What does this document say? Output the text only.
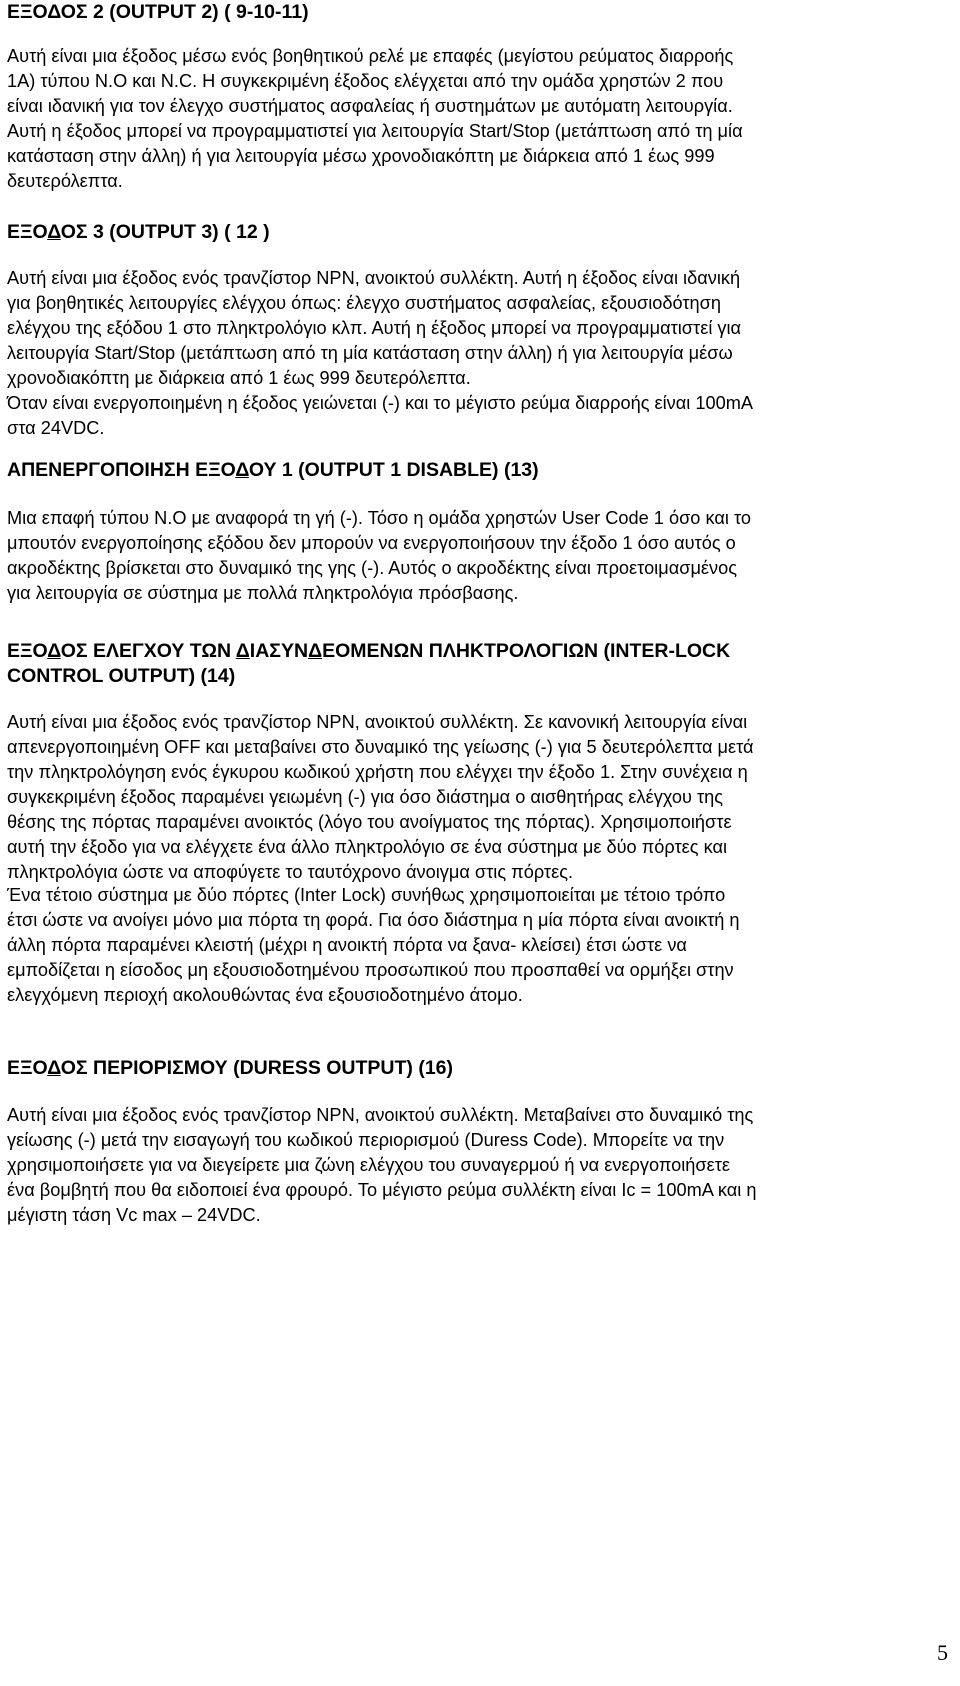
ΕΞΟΔΟΣ 2 (OUTPUT 2) ( 9-10-11)
Αυτή είναι μια έξοδος μέσω ενός βοηθητικού ρελέ με επαφές (μεγίστου ρεύματος διαρροής
1Α) τύπου Ν.Ο και Ν.C. Η συγκεκριμένη έξοδος ελέγχεται από την ομάδα χρηστών 2 που
είναι ιδανική για τον έλεγχο συστήματος ασφαλείας ή συστημάτων με αυτόματη λειτουργία.
Αυτή η έξοδος μπορεί να προγραμματιστεί για λειτουργία Start/Stop (μετάπτωση από τη μία
κατάσταση στην άλλη) ή για λειτουργία μέσω χρονοδιακόπτη με διάρκεια από 1 έως 999
δευτερόλεπτα.
ΕΞΟΔΟΣ 3 (OUTPUT 3) ( 12 )
Αυτή είναι μια έξοδος ενός τρανζίστορ NPN, ανοικτού συλλέκτη. Αυτή η έξοδος είναι ιδανική
για βοηθητικές λειτουργίες ελέγχου όπως: έλεγχο συστήματος ασφαλείας, εξουσιοδότηση
ελέγχου της εξόδου 1 στο πληκτρολόγιο κλπ. Αυτή η έξοδος μπορεί να προγραμματιστεί για
λειτουργία Start/Stop (μετάπτωση από τη μία κατάσταση στην άλλη) ή για λειτουργία μέσω
χρονοδιακόπτη με διάρκεια από 1 έως 999 δευτερόλεπτα.
Όταν είναι ενεργοποιημένη η έξοδος γειώνεται (-) και το μέγιστο ρεύμα διαρροής είναι 100mA
στα 24VDC.
ΑΠΕΝΕΡΓΟΠΟΙΗΣΗ ΕΞΟΔΟΥ 1 (OUTPUT 1 DISABLE) (13)
Μια επαφή τύπου Ν.Ο με αναφορά τη γή (-). Τόσο η ομάδα χρηστών User Code 1 όσο και το
μπουτόν ενεργοποίησης εξόδου δεν μπορούν να ενεργοποιήσουν την έξοδο 1 όσο αυτός ο
ακροδέκτης βρίσκεται στο δυναμικό της γης (-). Αυτός ο ακροδέκτης είναι προετοιμασμένος
για λειτουργία σε σύστημα με πολλά πληκτρολόγια πρόσβασης.
ΕΞΟΔΟΣ ΕΛΕΓΧΟΥ ΤΩΝ ΔΙΑΣΥΝΔΕΟΜΕΝΩΝ ΠΛΗΚΤΡΟΛΟΓΙΩΝ (INTER-LOCK
CONTROL OUTPUT) (14)
Αυτή είναι μια έξοδος ενός τρανζίστορ NPN, ανοικτού συλλέκτη. Σε κανονική λειτουργία είναι
απενεργοποιημένη OFF και μεταβαίνει στο δυναμικό της γείωσης (-) για 5 δευτερόλεπτα μετά
την πληκτρολόγηση ενός έγκυρου κωδικού χρήστη που ελέγχει την έξοδο 1. Στην συνέχεια η
συγκεκριμένη έξοδος παραμένει γειωμένη (-) για όσο διάστημα ο αισθητήρας ελέγχου της
θέσης της πόρτας παραμένει ανοικτός (λόγο του ανοίγματος της πόρτας). Χρησιμοποιήστε
αυτή την έξοδο για να ελέγχετε ένα άλλο πληκτρολόγιο σε ένα σύστημα με δύο πόρτες και
πληκτρολόγια ώστε να αποφύγετε το ταυτόχρονο άνοιγμα στις πόρτες.
Ένα τέτοιο σύστημα με δύο πόρτες (Inter Lock) συνήθως χρησιμοποιείται με τέτοιο τρόπο
έτσι ώστε να ανοίγει μόνο μια πόρτα τη φορά. Για όσο διάστημα η μία πόρτα είναι ανοικτή η
άλλη πόρτα παραμένει κλειστή (μέχρι η ανοικτή πόρτα να ξανα- κλείσει) έτσι ώστε να
εμποδίζεται η είσοδος μη εξουσιοδοτημένου προσωπικού που προσπαθεί να ορμήξει στην
ελεγχόμενη περιοχή ακολουθώντας ένα εξουσιοδοτημένο άτομο.
ΕΞΟΔΟΣ ΠΕΡΙΟΡΙΣΜΟΥ (DURESS OUTPUT) (16)
Αυτή είναι μια έξοδος ενός τρανζίστορ NPN, ανοικτού συλλέκτη. Μεταβαίνει στο δυναμικό της
γείωσης (-) μετά την εισαγωγή του κωδικού περιορισμού (Duress Code). Μπορείτε να την
χρησιμοποιήσετε για να διεγείρετε μια ζώνη ελέγχου του συναγερμού ή να ενεργοποιήσετε
ένα βομβητή που θα ειδοποιεί ένα φρουρό. Το μέγιστο ρεύμα συλλέκτη είναι Ic = 100mA και η
μέγιστη τάση Vc max – 24VDC.
5
